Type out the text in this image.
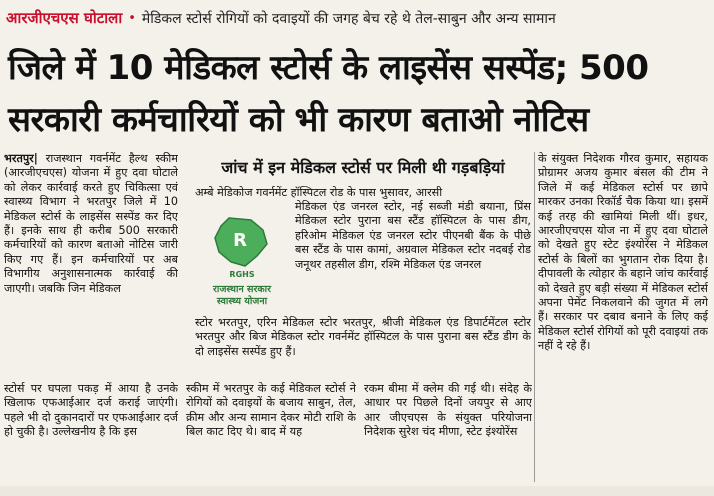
आरजीएचएस घोटाला • मेडिकल स्टोर्स रोगियों को दवाइयों की जगह बेच रहे थे तेल-साबुन और अन्य सामान
जिले में 10 मेडिकल स्टोर्स के लाइसेंस सस्पेंड; 500
सरकारी कर्मचारियों को भी कारण बताओ नोटिस
भरतपुर| राजस्थान गवर्नमेंट हैल्थ स्कीम (आरजीएचएस) योजना में हुए दवा घोटाले को लेकर कार्रवाई करते हुए चिकित्सा एवं स्वास्थ्य विभाग ने भरतपुर जिले में 10 मेडिकल स्टोर्स के लाइसेंस सस्पेंड कर दिए हैं। इनके साथ ही करीब 500 सरकारी कर्मचारियों को कारण बताओ नोटिस जारी किए गए हैं। इन कर्मचारियों पर अब विभागीय अनुशासनात्मक कार्रवाई की जाएगी। जबकि जिन मेडिकल
जांच में इन मेडिकल स्टोर्स पर मिली थी गड़बड़ियां
अम्बे मेडिकोज गवर्नमेंट हॉस्पिटल रोड के पास भुसावर, आरसी
R
RGHS
राजस्थान सरकार
स्वास्थ्य योजना
मेडिकल एंड जनरल स्टोर, नई सब्जी मंडी बयाना, प्रिंस मेडिकल स्टोर पुराना बस स्टैंड हॉस्पिटल के पास डीग, हरिओम मेडिकल एंड जनरल स्टोर पीएनबी बैंक के पीछे बस स्टैंड के पास कामां, अग्रवाल मेडिकल स्टोर नदबई रोड जनूथर तहसील डीग, रश्मि मेडिकल एंड जनरल
स्टोर भरतपुर, एरिन मेडिकल स्टोर भरतपुर, श्रीजी मेडिकल एंड डिपार्टमेंटल स्टोर भरतपुर और बिज मेडिकल स्टोर गवर्नमेंट हॉस्पिटल के पास पुराना बस स्टैंड डीग के दो लाइसेंस सस्पेंड हुए हैं।
स्टोर्स पर घपला पकड़ में आया है उनके खिलाफ एफआईआर दर्ज कराई जाएंगी। पहले भी दो दुकानदारों पर एफआईआर दर्ज हो चुकी है। उल्लेखनीय है कि इस
स्कीम में भरतपुर के कई मेडिकल स्टोर्स ने रोगियों को दवाइयों के बजाय साबुन, तेल, क्रीम और अन्य सामान देकर मोटी राशि के बिल काट दिए थे। बाद में यह
रकम बीमा में क्लेम की गई थी। संदेह के आधार पर पिछले दिनों जयपुर से आए आर जीएचएस के संयुक्त परियोजना निदेशक सुरेश चंद मीणा, स्टेट इंश्योरेंस
के संयुक्त निदेशक गौरव कुमार, सहायक प्रोग्रामर अजय कुमार बंसल की टीम ने जिले में कई मेडिकल स्टोर्स पर छापे मारकर उनका रिकॉर्ड चैक किया था। इसमें कई तरह की खामियां मिली थीं। इधर, आरजीएचएस योज ना में हुए दवा घोटाले को देखते हुए स्टेट इंश्योरेंस ने मेडिकल स्टोर्स के बिलों का भुगतान रोक दिया है। दीपावली के त्योहार के बहाने जांच कार्रवाई को देखते हुए बड़ी संख्या में मेडिकल स्टोर्स अपना पेमेंट निकलवाने की जुगत में लगे हैं। सरकार पर दबाव बनाने के लिए कई मेडिकल स्टोर्स रोगियों को पूरी दवाइयां तक नहीं दे रहे हैं।
